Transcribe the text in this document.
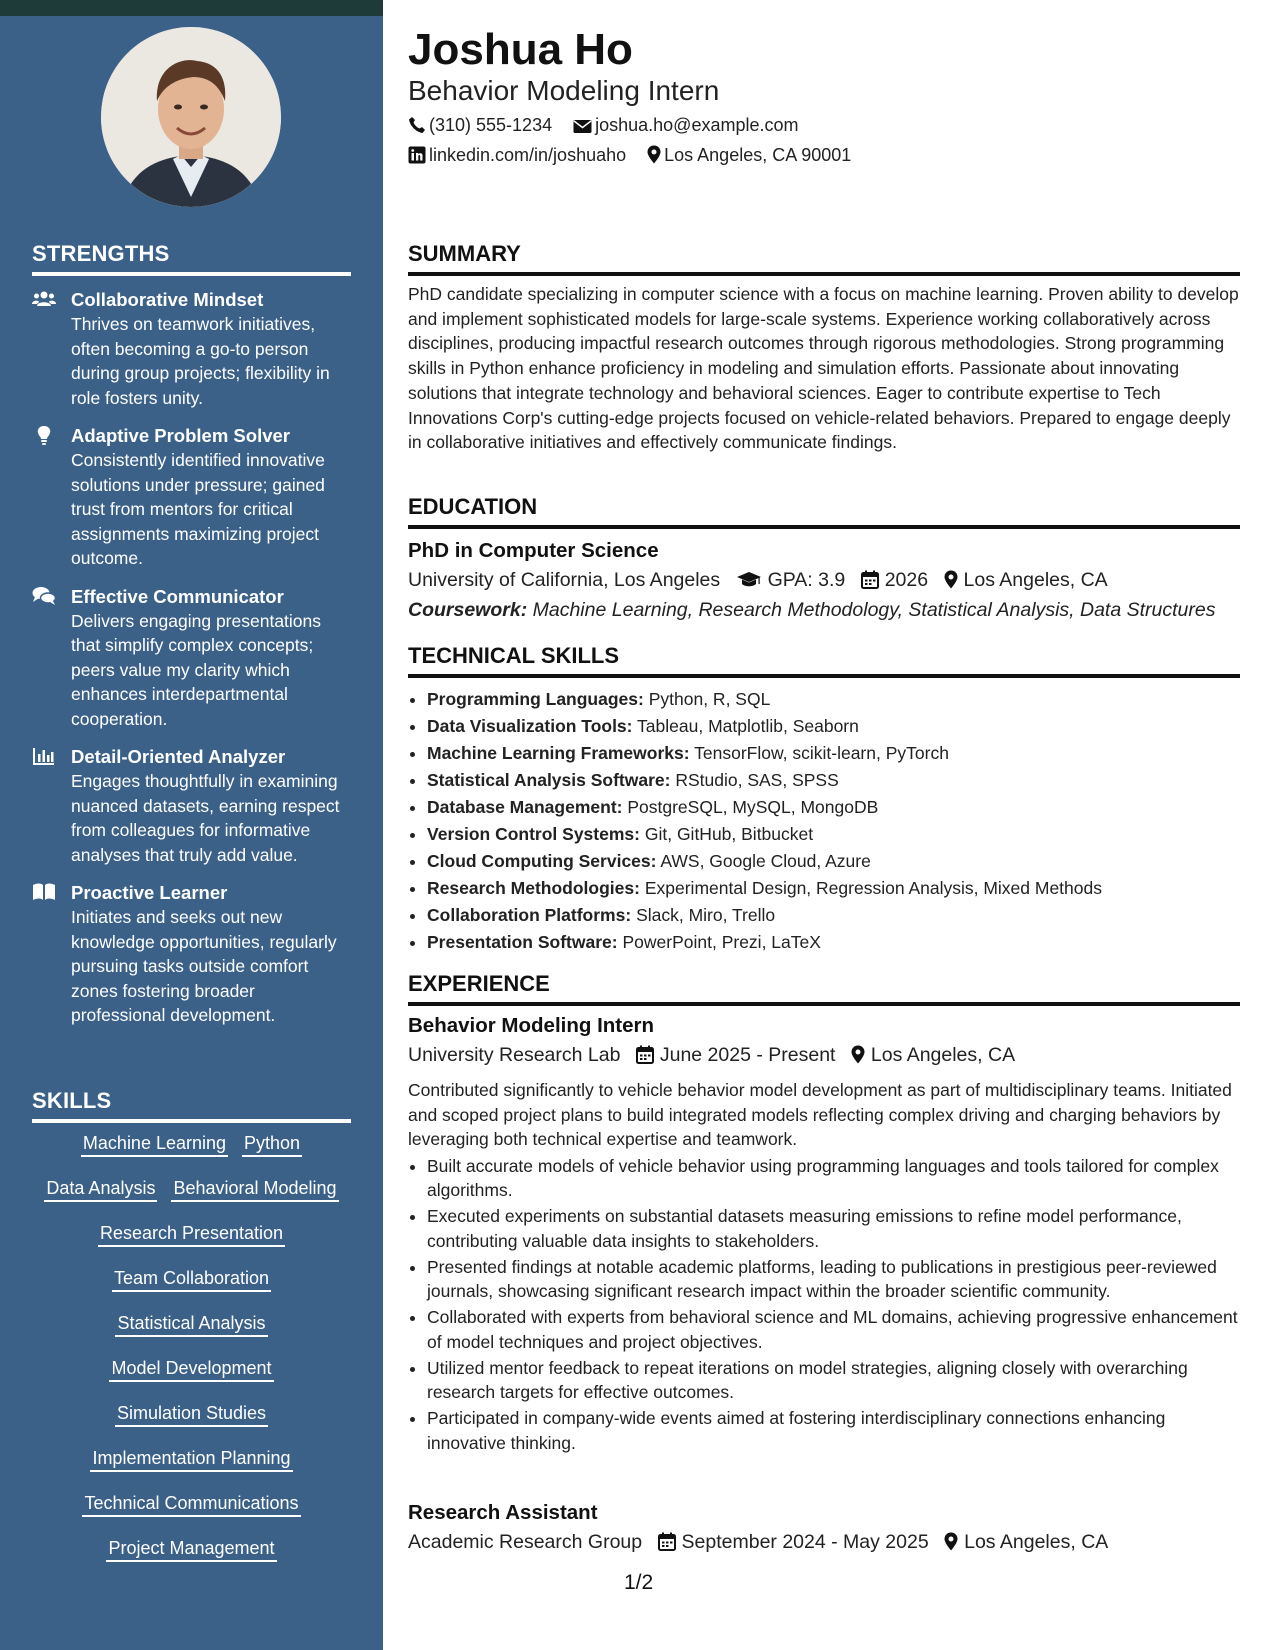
STRENGTHS
Collaborative Mindset
Thrives on teamwork initiatives, often becoming a go-to person during group projects; flexibility in role fosters unity.
Adaptive Problem Solver
Consistently identified innovative solutions under pressure; gained trust from mentors for critical assignments maximizing project outcome.
Effective Communicator
Delivers engaging presentations that simplify complex concepts; peers value my clarity which enhances interdepartmental cooperation.
Detail-Oriented Analyzer
Engages thoughtfully in examining nuanced datasets, earning respect from colleagues for informative analyses that truly add value.
Proactive Learner
Initiates and seeks out new knowledge opportunities, regularly pursuing tasks outside comfort zones fostering broader professional development.
SKILLS
Machine Learning Python
Data Analysis Behavioral Modeling
Research Presentation
Team Collaboration
Statistical Analysis
Model Development
Simulation Studies
Implementation Planning
Technical Communications
Project Management
Joshua Ho
Behavior Modeling Intern
(310) 555-1234 joshua.ho@example.com
linkedin.com/in/joshuaho Los Angeles, CA 90001
SUMMARY
PhD candidate specializing in computer science with a focus on machine learning. Proven ability to develop and implement sophisticated models for large-scale systems. Experience working collaboratively across disciplines, producing impactful research outcomes through rigorous methodologies. Strong programming skills in Python enhance proficiency in modeling and simulation efforts. Passionate about innovating solutions that integrate technology and behavioral sciences. Eager to contribute expertise to Tech Innovations Corp's cutting-edge projects focused on vehicle-related behaviors. Prepared to engage deeply in collaborative initiatives and effectively communicate findings.
EDUCATION
PhD in Computer Science
University of California, Los Angeles GPA: 3.9 2026 Los Angeles, CA
Coursework: Machine Learning, Research Methodology, Statistical Analysis, Data Structures
TECHNICAL SKILLS
• Programming Languages: Python, R, SQL
• Data Visualization Tools: Tableau, Matplotlib, Seaborn
• Machine Learning Frameworks: TensorFlow, scikit-learn, PyTorch
• Statistical Analysis Software: RStudio, SAS, SPSS
• Database Management: PostgreSQL, MySQL, MongoDB
• Version Control Systems: Git, GitHub, Bitbucket
• Cloud Computing Services: AWS, Google Cloud, Azure
• Research Methodologies: Experimental Design, Regression Analysis, Mixed Methods
• Collaboration Platforms: Slack, Miro, Trello
• Presentation Software: PowerPoint, Prezi, LaTeX
EXPERIENCE
Behavior Modeling Intern
University Research Lab June 2025 - Present Los Angeles, CA
Contributed significantly to vehicle behavior model development as part of multidisciplinary teams. Initiated and scoped project plans to build integrated models reflecting complex driving and charging behaviors by leveraging both technical expertise and teamwork.
• Built accurate models of vehicle behavior using programming languages and tools tailored for complex algorithms.
• Executed experiments on substantial datasets measuring emissions to refine model performance, contributing valuable data insights to stakeholders.
• Presented findings at notable academic platforms, leading to publications in prestigious peer-reviewed journals, showcasing significant research impact within the broader scientific community.
• Collaborated with experts from behavioral science and ML domains, achieving progressive enhancement of model techniques and project objectives.
• Utilized mentor feedback to repeat iterations on model strategies, aligning closely with overarching research targets for effective outcomes.
• Participated in company-wide events aimed at fostering interdisciplinary connections enhancing innovative thinking.
Research Assistant
Academic Research Group September 2024 - May 2025 Los Angeles, CA
1/2
